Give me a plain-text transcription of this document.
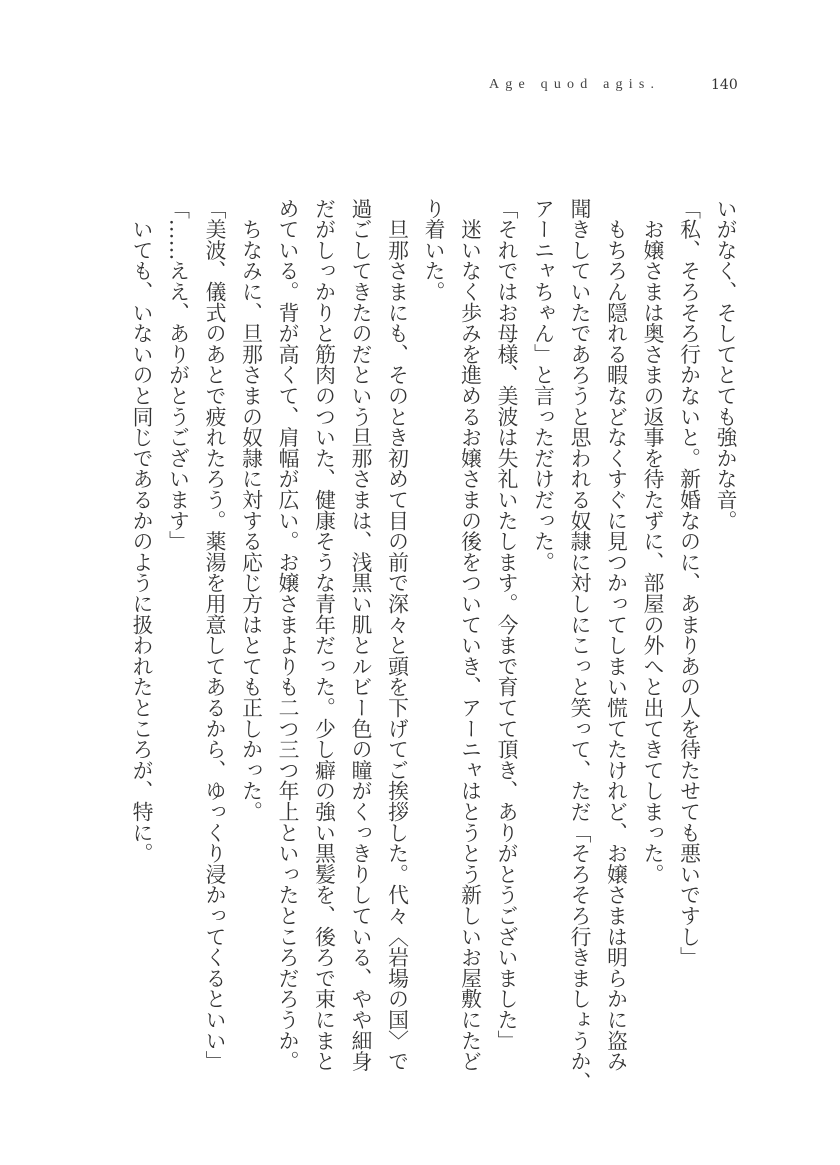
Age quod agis.	140
いがなく、そしてとても強かな音。
「私、そろそろ行かないと。新婚なのに、あまりあの人を待たせても悪いですし」
　お嬢さまは奥さまの返事を待たずに、部屋の外へと出てきてしまった。
　もちろん隠れる暇などなくすぐに見つかってしまい慌てたけれど、お嬢さまは明らかに盗み
聞きしていたであろうと思われる奴隷に対しにこっと笑って、ただ「そろそろ行きましょうか、
アーニャちゃん」と言っただけだった。
「それではお母様、美波は失礼いたします。今まで育てて頂き、ありがとうございました」
　迷いなく歩みを進めるお嬢さまの後をついていき、アーニャはとうとう新しいお屋敷にたど
り着いた。
　旦那さまにも、そのとき初めて目の前で深々と頭を下げてご挨拶した。代々〈岩場の国〉で
過ごしてきたのだという旦那さまは、浅黒い肌とルビー色の瞳がくっきりしている、やや細身
だがしっかりと筋肉のついた、健康そうな青年だった。少し癖の強い黒髪を、後ろで束にまと
めている。背が高くて、肩幅が広い。お嬢さまよりも二つ三つ年上といったところだろうか。
　ちなみに、旦那さまの奴隷に対する応じ方はとても正しかった。
「美波、儀式のあとで疲れたろう。薬湯を用意してあるから、ゆっくり浸かってくるといい」
「……ええ、ありがとうございます」
　いても、いないのと同じであるかのように扱われたところが、特に。
